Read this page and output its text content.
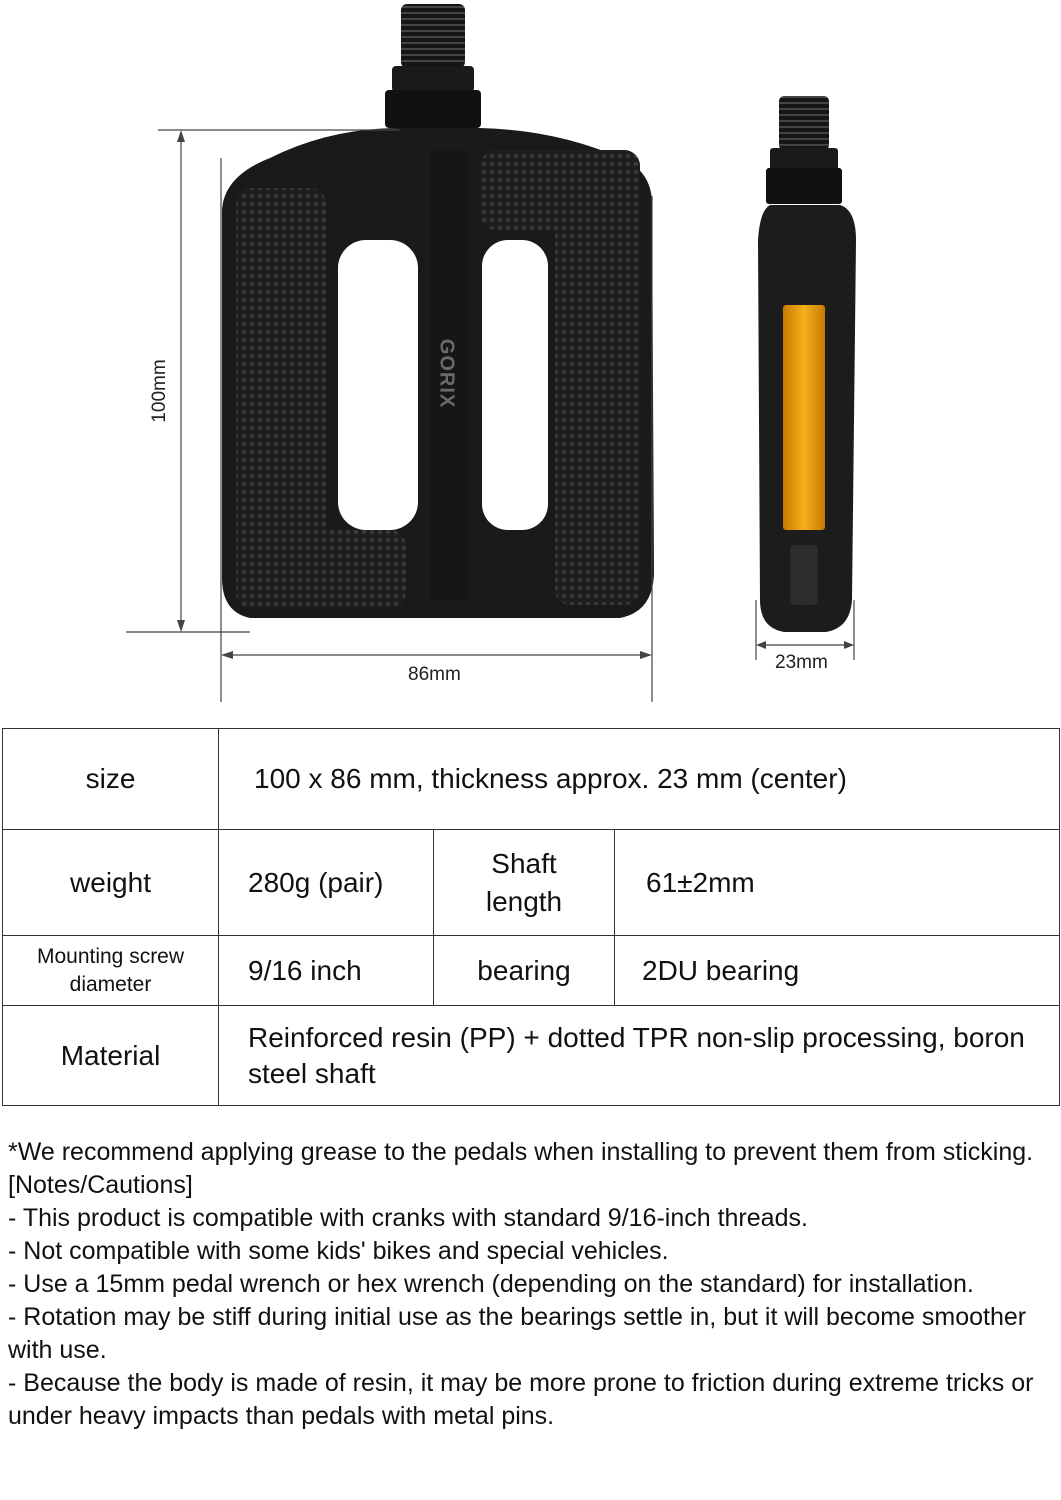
100mm
86mm
23mm
GORIX
size	100 x 86 mm, thickness approx. 23 mm (center)		
weight	280g (pair)	Shaft length	61±2mm
Mounting screw diameter	9/16 inch	bearing	2DU bearing
Material	Reinforced resin (PP) + dotted TPR non-slip processing, boron steel shaft		

*We recommend applying grease to the pedals when installing to prevent them from sticking.

[Notes/Cautions]

- This product is compatible with cranks with standard 9/16-inch threads.

- Not compatible with some kids' bikes and special vehicles.

- Use a 15mm pedal wrench or hex wrench (depending on the standard) for installation.

- Rotation may be stiff during initial use as the bearings settle in, but it will become smoother with use.

- Because the body is made of resin, it may be more prone to friction during extreme tricks or under heavy impacts than pedals with metal pins.
